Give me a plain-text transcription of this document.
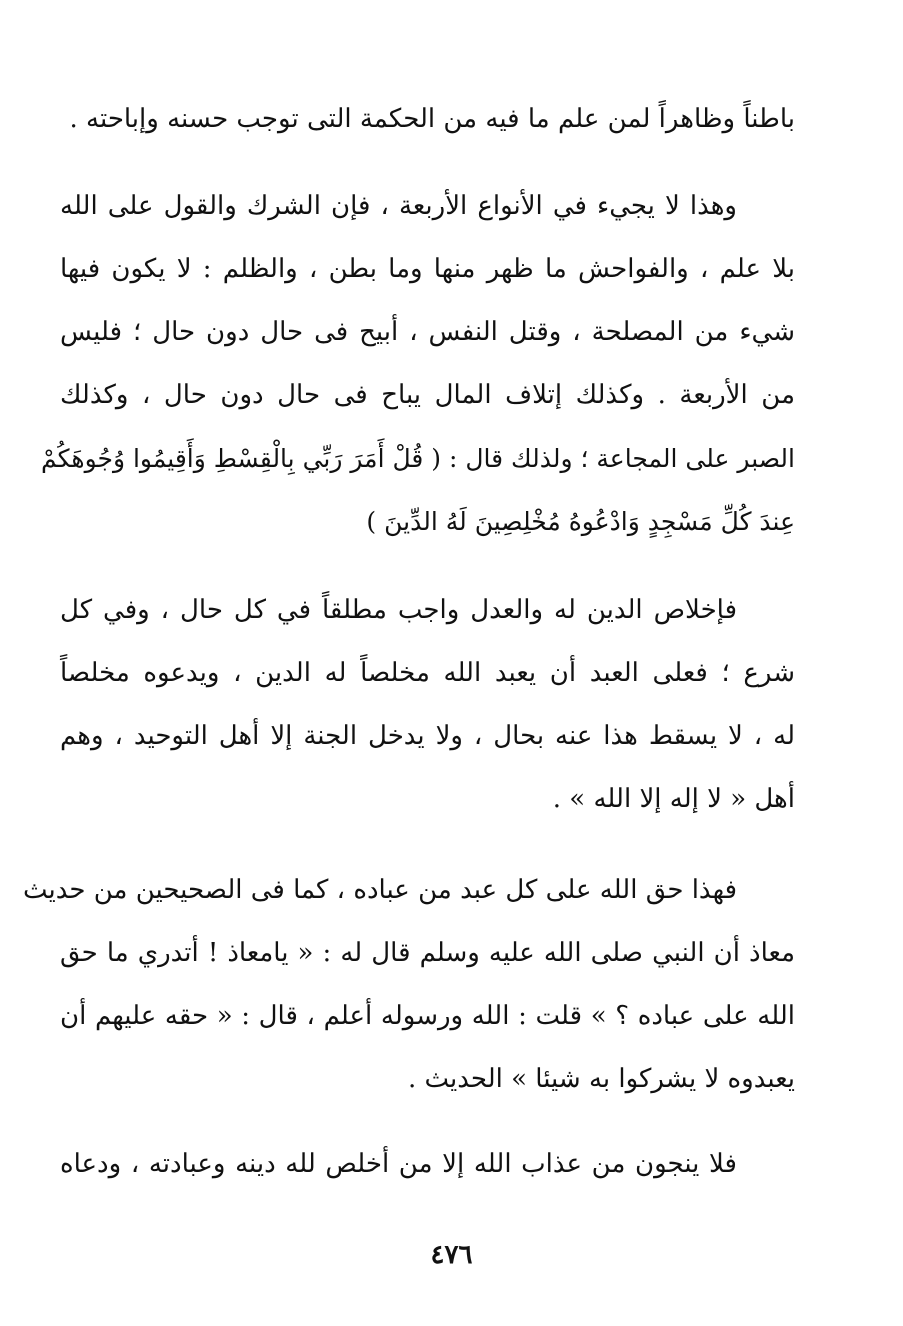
باطناً وظاهراً لمن علم ما فيه من الحكمة التى توجب حسنه وإباحته .

وهذا لا يجيء في الأنواع الأربعة ، فإن الشرك والقول على الله
بلا علم ، والفواحش ما ظهر منها وما بطن ، والظلم : لا يكون فيها
شيء من المصلحة ، وقتل النفس ، أبيح فى حال دون حال ؛ فليس
من الأربعة . وكذلك إتلاف المال يباح فى حال دون حال ، وكذلك
الصبر على المجاعة ؛ ولذلك قال : ( قُلْ أَمَرَ رَبِّي بِالْقِسْطِ وَأَقِيمُوا وُجُوهَكُمْ
عِندَ كُلِّ مَسْجِدٍ وَادْعُوهُ مُخْلِصِينَ لَهُ الدِّينَ )

فإخلاص الدين له والعدل واجب مطلقاً في كل حال ، وفي كل
شرع ؛ فعلى العبد أن يعبد الله مخلصاً له الدين ، ويدعوه مخلصاً
له ، لا يسقط هذا عنه بحال ، ولا يدخل الجنة إلا أهل التوحيد ، وهم
أهل « لا إله إلا الله » .

فهذا حق الله على كل عبد من عباده ، كما فى الصحيحين من حديث
معاذ أن النبي صلى الله عليه وسلم قال له : « يامعاذ ! أتدري ما حق
الله على عباده ؟ » قلت : الله ورسوله أعلم ، قال : « حقه عليهم أن
يعبدوه لا يشركوا به شيئا » الحديث .

فلا ينجون من عذاب الله إلا من أخلص لله دينه وعبادته ، ودعاه

٤٧٦
